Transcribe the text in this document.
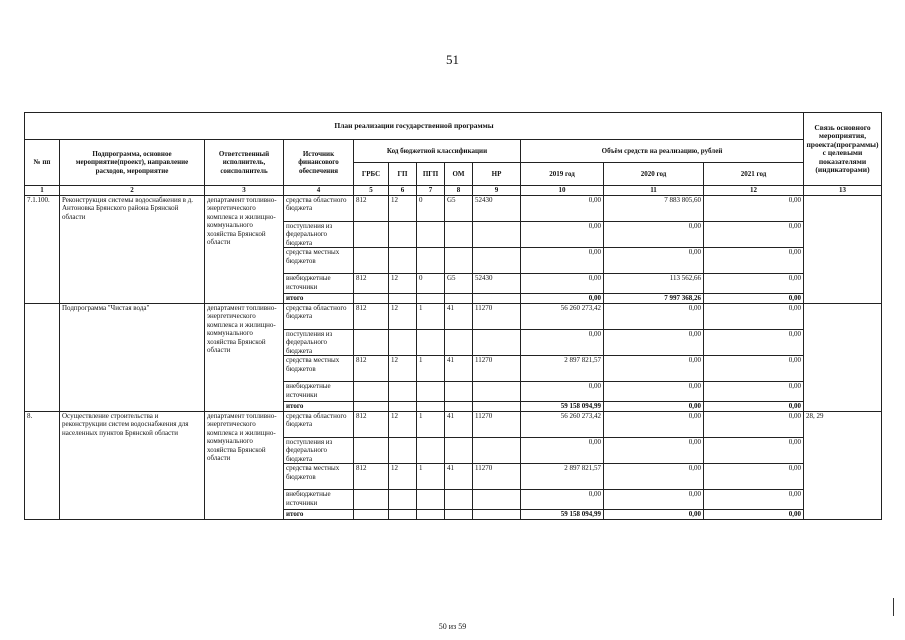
51
План реализации государственной программы												Связь основного мероприятия, проекта(программы) с целевыми показателями (индикаторами)
№ пп	Подпрограмма, основное мероприятие(проект), направление расходов, мероприятие	Ответственный исполнитель, соисполнитель	Источник финансового обеспечения	Код бюджетной классификации					Объём средств на реализацию, рублей			
				ГРБС	ГП	ПГП	ОМ	НР	2019 год	2020 год	2021 год	
1	2	3	4	5	6	7	8	9	10	11	12	13
7.1.100.	Реконструкция системы водоснабжения в д. Антоновка Брянского района Брянской области	департамент топливно-энергетического комплекса и жилищно-коммунального хозяйства Брянской области	средства областного бюджета	812	12	0	G5	52430	0,00	7 883 805,60	0,00	
			поступления из федерального бюджета						0,00	0,00	0,00	
			средства местных бюджетов						0,00	0,00	0,00	
			внебюджетные источники	812	12	0	G5	52430	0,00	113 562,66	0,00	
			итого						0,00	7 997 368,26	0,00	
	Подпрограмма "Чистая вода"	департамент топливно-энергетического комплекса и жилищно-коммунального хозяйства Брянской области	средства областного бюджета	812	12	1	41	11270	56 260 273,42	0,00	0,00	
			поступления из федерального бюджета						0,00	0,00	0,00	
			средства местных бюджетов	812	12	1	41	11270	2 897 821,57	0,00	0,00	
			внебюджетные источники						0,00	0,00	0,00	
			итого						59 158 094,99	0,00	0,00	
8.	Осуществление строительства и реконструкции систем водоснабжения для населенных пунктов Брянской области	департамент топливно-энергетического комплекса и жилищно-коммунального хозяйства Брянской области	средства областного бюджета	812	12	1	41	11270	56 260 273,42	0,00	0,00	28, 29
			поступления из федерального бюджета						0,00	0,00	0,00	
			средства местных бюджетов	812	12	1	41	11270	2 897 821,57	0,00	0,00	
			внебюджетные источники						0,00	0,00	0,00	
			итого						59 158 094,99	0,00	0,00	
50 из 59
